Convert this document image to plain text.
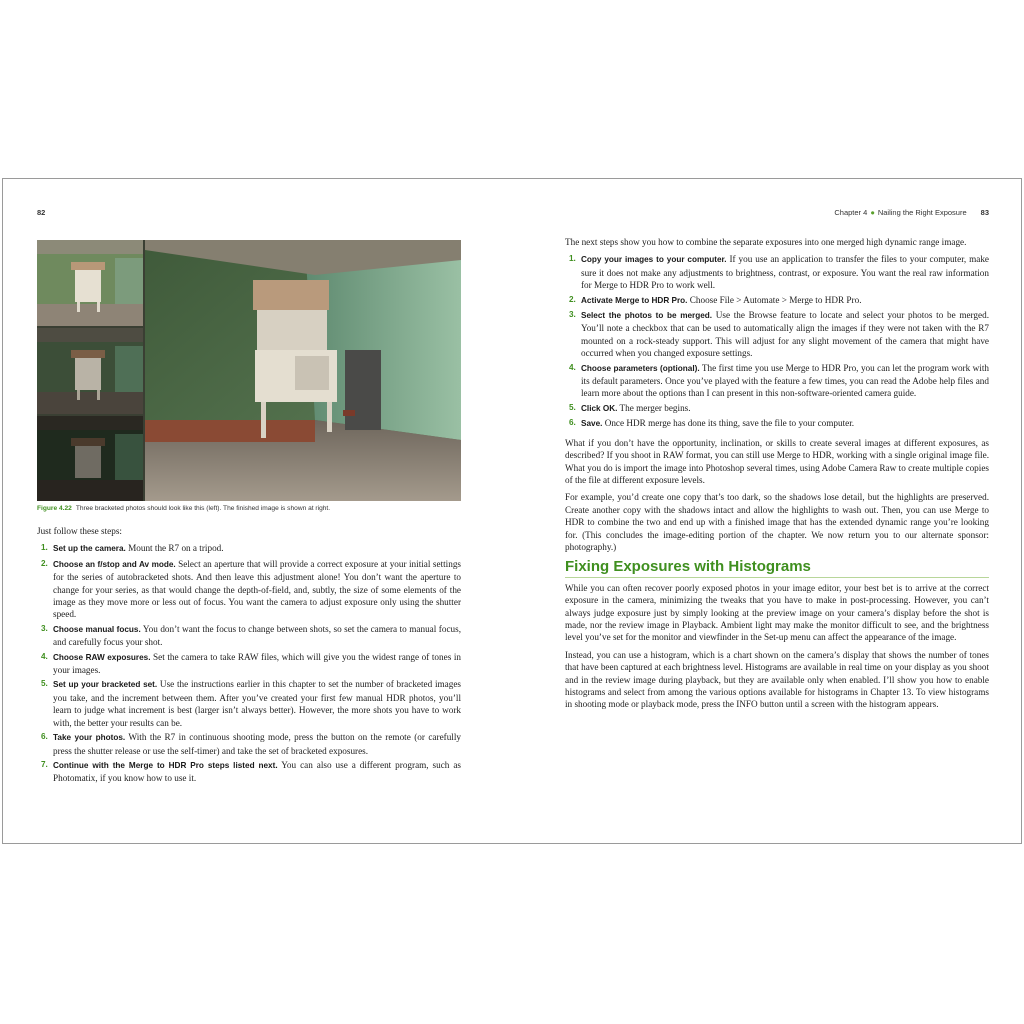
82
Figure 4.22 Three bracketed photos should look like this (left). The finished image is shown at right.

Just follow these steps:

1. Set up the camera. Mount the R7 on a tripod.
2. Choose an f/stop and Av mode. Select an aperture that will provide a correct exposure at your initial settings for the series of autobracketed shots. And then leave this adjustment alone! You don’t want the aperture to change for your series, as that would change the depth-of-field, and, subtly, the size of some elements of the image as they move more or less out of focus. You want the camera to adjust exposure only using the shutter speed.
3. Choose manual focus. You don’t want the focus to change between shots, so set the camera to manual focus, and carefully focus your shot.
4. Choose RAW exposures. Set the camera to take RAW files, which will give you the widest range of tones in your images.
5. Set up your bracketed set. Use the instructions earlier in this chapter to set the number of bracketed images you take, and the increment between them. After you’ve created your first few manual HDR photos, you’ll learn to judge what increment is best (larger isn’t always better). However, the more shots you have to work with, the better your results can be.
6. Take your photos. With the R7 in continuous shooting mode, press the button on the remote (or carefully press the shutter release or use the self-timer) and take the set of bracketed exposures.
7. Continue with the Merge to HDR Pro steps listed next. You can also use a different program, such as Photomatix, if you know how to use it.
Chapter 4 ● Nailing the Right Exposure 83

The next steps show you how to combine the separate exposures into one merged high dynamic range image.

1. Copy your images to your computer. If you use an application to transfer the files to your computer, make sure it does not make any adjustments to brightness, contrast, or exposure. You want the real raw information for Merge to HDR Pro to work well.
2. Activate Merge to HDR Pro. Choose File > Automate > Merge to HDR Pro.
3. Select the photos to be merged. Use the Browse feature to locate and select your photos to be merged. You’ll note a checkbox that can be used to automatically align the images if they were not taken with the R7 mounted on a rock-steady support. This will adjust for any slight movement of the camera that might have occurred when you changed exposure settings.
4. Choose parameters (optional). The first time you use Merge to HDR Pro, you can let the program work with its default parameters. Once you’ve played with the feature a few times, you can read the Adobe help files and learn more about the options than I can present in this non-software-oriented camera guide.
5. Click OK. The merger begins.
6. Save. Once HDR merge has done its thing, save the file to your computer.

What if you don’t have the opportunity, inclination, or skills to create several images at different exposures, as described? If you shoot in RAW format, you can still use Merge to HDR, working with a single original image file. What you do is import the image into Photoshop several times, using Adobe Camera Raw to create multiple copies of the file at different exposure levels.

For example, you’d create one copy that’s too dark, so the shadows lose detail, but the highlights are preserved. Create another copy with the shadows intact and allow the highlights to wash out. Then, you can use Merge to HDR to combine the two and end up with a finished image that has the extended dynamic range you’re looking for. (This concludes the image-editing portion of the chapter. We now return you to our alternate sponsor: photography.)

Fixing Exposures with Histograms

While you can often recover poorly exposed photos in your image editor, your best bet is to arrive at the correct exposure in the camera, minimizing the tweaks that you have to make in post-processing. However, you can’t always judge exposure just by simply looking at the preview image on your camera’s display before the shot is made, nor the review image in Playback. Ambient light may make the monitor difficult to see, and the brightness level you’ve set for the monitor and viewfinder in the Set-up menu can affect the appearance of the image.

Instead, you can use a histogram, which is a chart shown on the camera’s display that shows the number of tones that have been captured at each brightness level. Histograms are available in real time on your display as you shoot and in the review image during playback, but they are available only when enabled. I’ll show you how to enable histograms and select from among the various options available for histograms in Chapter 13. To view histograms in shooting mode or playback mode, press the INFO button until a screen with the histogram appears.
